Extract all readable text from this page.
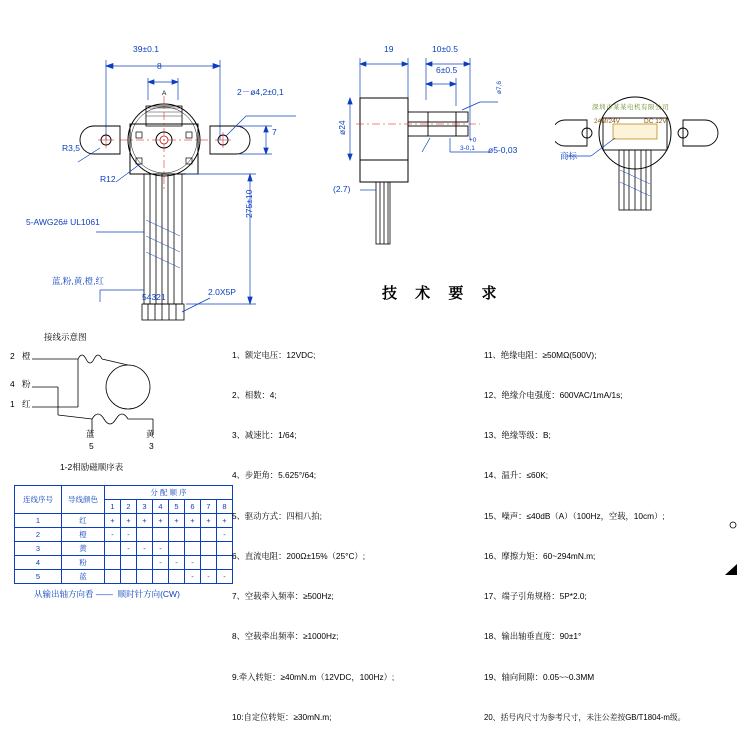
39±0.1
8
2－ø4,2±0,1
R3,5
R12
7
275±10
2.0X5P
54321
5-AWG26# UL1061
蓝,粉,黄,橙,红
A
19	10±0.5
6±0.5
ø7,6
ø24
ø5-0,03
3-0,1
+0
(2.7)
24M/24V	DC 12V
深圳市某某电机有限公司
商标
接线示意图
2 橙
4 粉
1 红
蓝
5
黄
3
1-2相励磁顺序表
连线序号	导线颜色	分 配 顺 序							
		1	2	3	4	5	6	7	8
1	红	+	+	+	+	+	+	+	+
2	橙	-	-						-
3	黄		-	-	-				
4	粉				-	-	-		
5	蓝						-	-	-
从输出轴方向看 ——  顺时针方向(CW)
技 术 要 求

1、额定电压：12VDC;

2、相数：4;

3、减速比：1/64;

4、步距角：5.625°/64;

5、驱动方式：四相八拍;

6、直流电阻：200Ω±15%（25°C）;

7、空载牵入频率：≥500Hz;

8、空载牵出频率：≥1000Hz;

9.牵入转矩：≥40mN.m（12VDC，100Hz）;

10:自定位转矩：≥30mN.m;

11、绝缘电阻：≥50MΩ(500V);

12、绝缘介电强度：600VAC/1mA/1s;

13、绝缘等级：B;

14、温升：≤60K;

15、噪声：≤40dB（A）（100Hz，空载，10cm）;

16、摩擦力矩：60~294mN.m;

17、端子引角规格：5P*2.0;

18、输出轴垂直度：90±1°

19、轴向间隙：0.05~~0.3MM

20、括号内尺寸为参考尺寸，未注公差按GB/T1804-m级。
